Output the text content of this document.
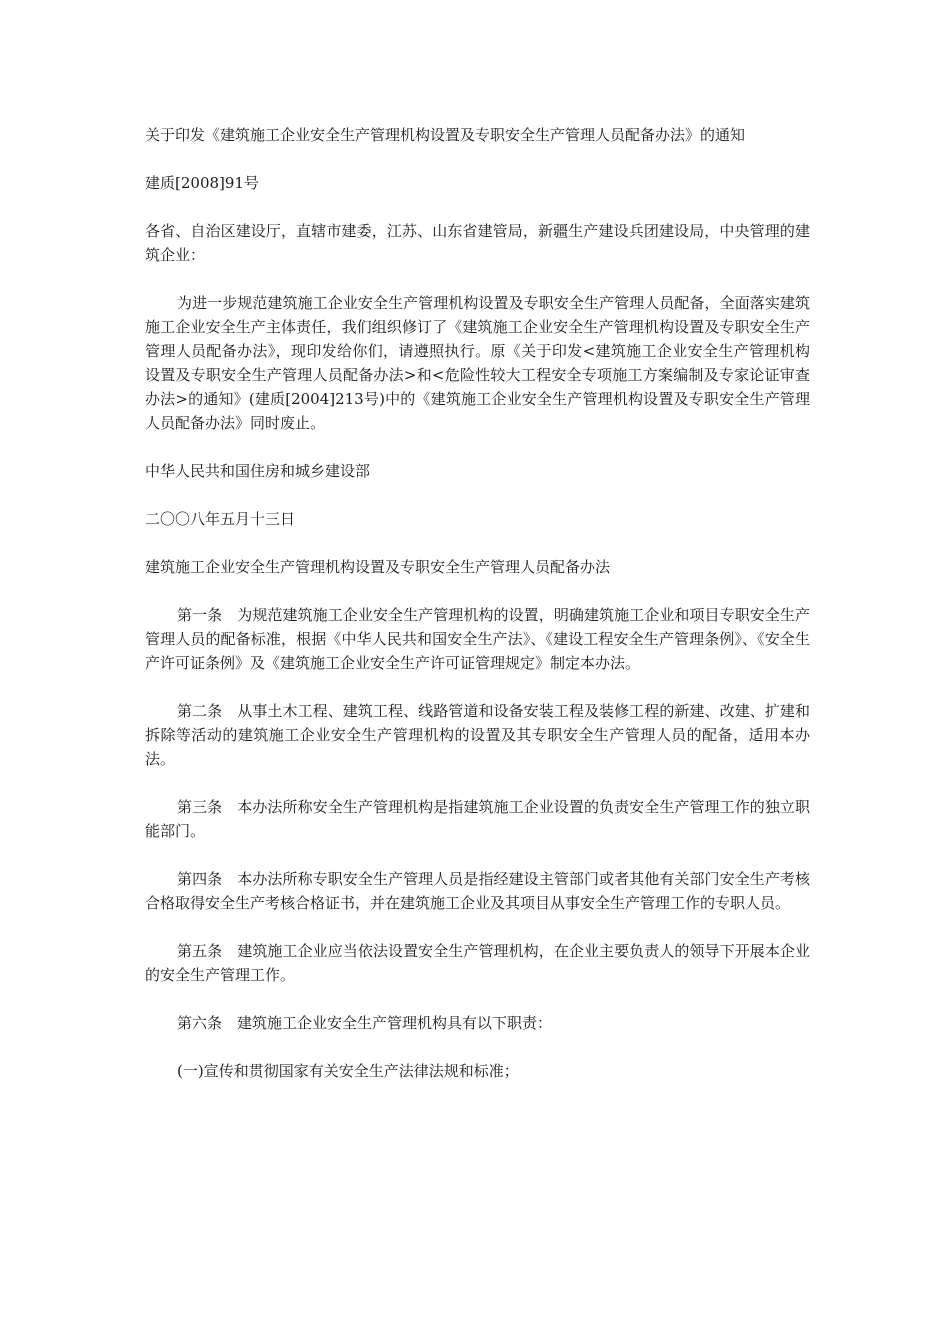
关于印发《建筑施工企业安全生产管理机构设置及专职安全生产管理人员配备办法》的通知

建质[2008]91号

各省、自治区建设厅，直辖市建委，江苏、山东省建管局，新疆生产建设兵团建设局，中央管理的建筑企业：

为进一步规范建筑施工企业安全生产管理机构设置及专职安全生产管理人员配备，全面落实建筑施工企业安全生产主体责任，我们组织修订了《建筑施工企业安全生产管理机构设置及专职安全生产管理人员配备办法》，现印发给你们，请遵照执行。原《关于印发<建筑施工企业安全生产管理机构设置及专职安全生产管理人员配备办法>和<危险性较大工程安全专项施工方案编制及专家论证审查办法>的通知》(建质[2004]213号)中的《建筑施工企业安全生产管理机构设置及专职安全生产管理人员配备办法》同时废止。

中华人民共和国住房和城乡建设部

二〇〇八年五月十三日

建筑施工企业安全生产管理机构设置及专职安全生产管理人员配备办法

第一条　为规范建筑施工企业安全生产管理机构的设置，明确建筑施工企业和项目专职安全生产管理人员的配备标准，根据《中华人民共和国安全生产法》、《建设工程安全生产管理条例》、《安全生产许可证条例》及《建筑施工企业安全生产许可证管理规定》制定本办法。

第二条　从事土木工程、建筑工程、线路管道和设备安装工程及装修工程的新建、改建、扩建和拆除等活动的建筑施工企业安全生产管理机构的设置及其专职安全生产管理人员的配备，适用本办法。

第三条　本办法所称安全生产管理机构是指建筑施工企业设置的负责安全生产管理工作的独立职能部门。

第四条　本办法所称专职安全生产管理人员是指经建设主管部门或者其他有关部门安全生产考核合格取得安全生产考核合格证书，并在建筑施工企业及其项目从事安全生产管理工作的专职人员。

第五条　建筑施工企业应当依法设置安全生产管理机构，在企业主要负责人的领导下开展本企业的安全生产管理工作。

第六条　建筑施工企业安全生产管理机构具有以下职责：

(一)宣传和贯彻国家有关安全生产法律法规和标准；
